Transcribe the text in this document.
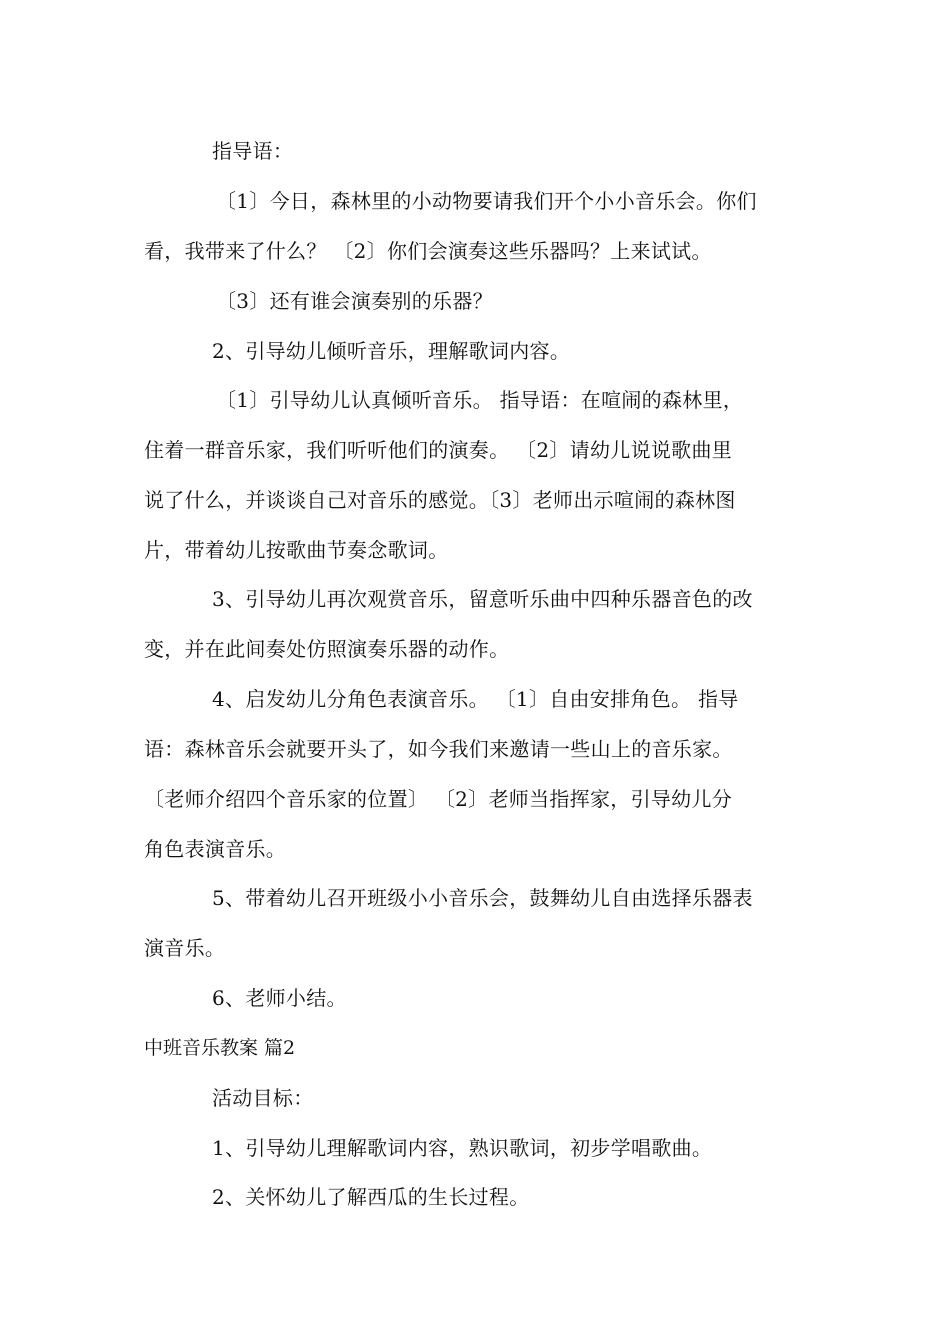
指导语：
〔1〕今日，森林里的小动物要请我们开个小小音乐会。你们
看，我带来了什么？ 〔2〕你们会演奏这些乐器吗？上来试试。
〔3〕还有谁会演奏别的乐器？
2、引导幼儿倾听音乐，理解歌词内容。
〔1〕引导幼儿认真倾听音乐。 指导语：在喧闹的森林里，
住着一群音乐家，我们听听他们的演奏。 〔2〕请幼儿说说歌曲里
说了什么，并谈谈自己对音乐的感觉。〔3〕老师出示喧闹的森林图
片，带着幼儿按歌曲节奏念歌词。
3、引导幼儿再次观赏音乐，留意听乐曲中四种乐器音色的改
变，并在此间奏处仿照演奏乐器的动作。
4、启发幼儿分角色表演音乐。 〔1〕自由安排角色。 指导
语：森林音乐会就要开头了，如今我们来邀请一些山上的音乐家。
〔老师介绍四个音乐家的位置〕 〔2〕老师当指挥家，引导幼儿分
角色表演音乐。
5、带着幼儿召开班级小小音乐会，鼓舞幼儿自由选择乐器表
演音乐。
6、老师小结。
中班音乐教案 篇2
活动目标：
1、引导幼儿理解歌词内容，熟识歌词，初步学唱歌曲。
2、关怀幼儿了解西瓜的生长过程。
